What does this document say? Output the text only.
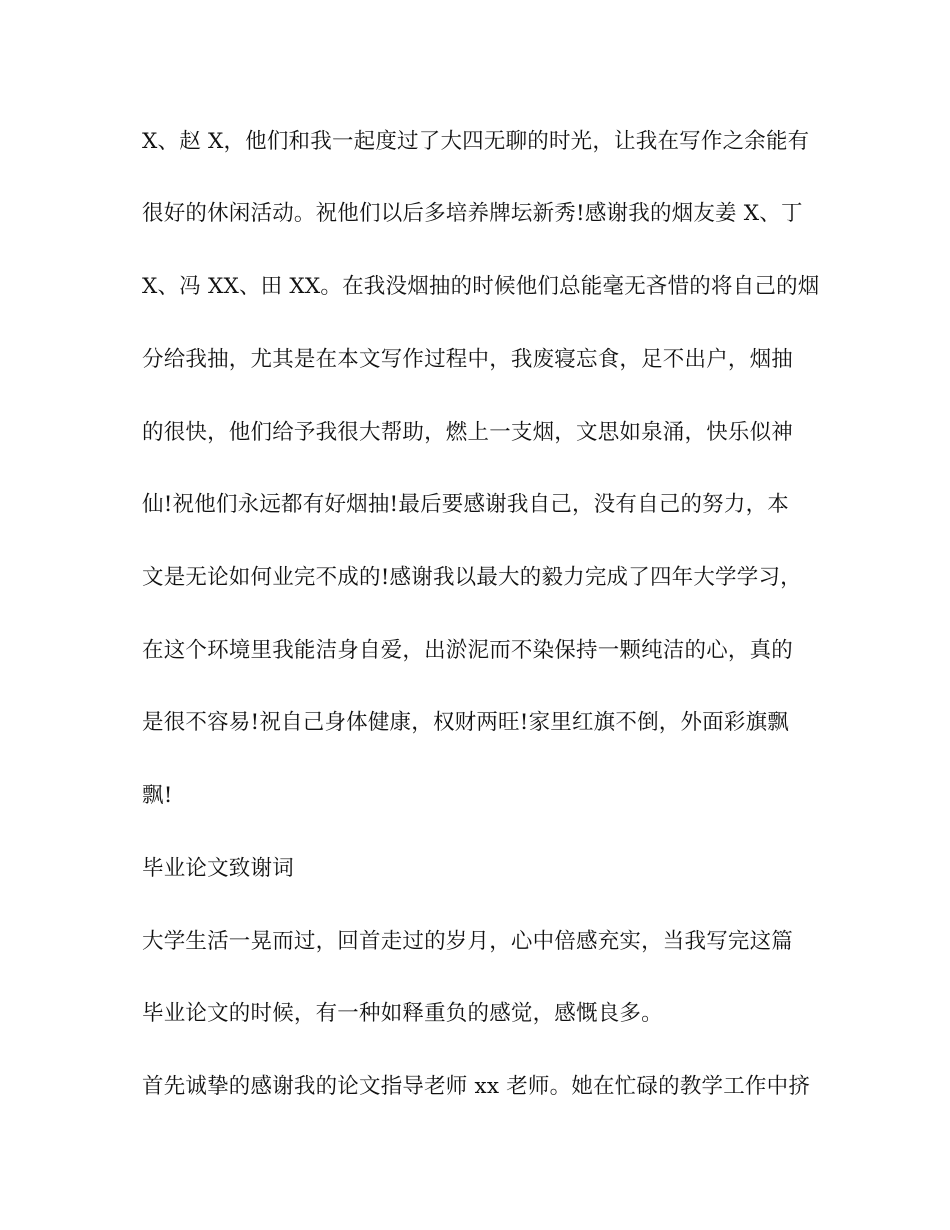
X、赵 X，他们和我一起度过了大四无聊的时光，让我在写作之余能有
很好的休闲活动。祝他们以后多培养牌坛新秀!感谢我的烟友姜 X、丁
X、冯 XX、田 XX。在我没烟抽的时候他们总能毫无吝惜的将自己的烟
分给我抽，尤其是在本文写作过程中，我废寝忘食，足不出户，烟抽
的很快，他们给予我很大帮助，燃上一支烟，文思如泉涌，快乐似神
仙!祝他们永远都有好烟抽!最后要感谢我自己，没有自己的努力，本
文是无论如何业完不成的!感谢我以最大的毅力完成了四年大学学习，
在这个环境里我能洁身自爱，出淤泥而不染保持一颗纯洁的心，真的
是很不容易!祝自己身体健康，权财两旺!家里红旗不倒，外面彩旗飘
飘!
毕业论文致谢词
大学生活一晃而过，回首走过的岁月，心中倍感充实，当我写完这篇
毕业论文的时候，有一种如释重负的感觉，感慨良多。
首先诚挚的感谢我的论文指导老师 xx 老师。她在忙碌的教学工作中挤
